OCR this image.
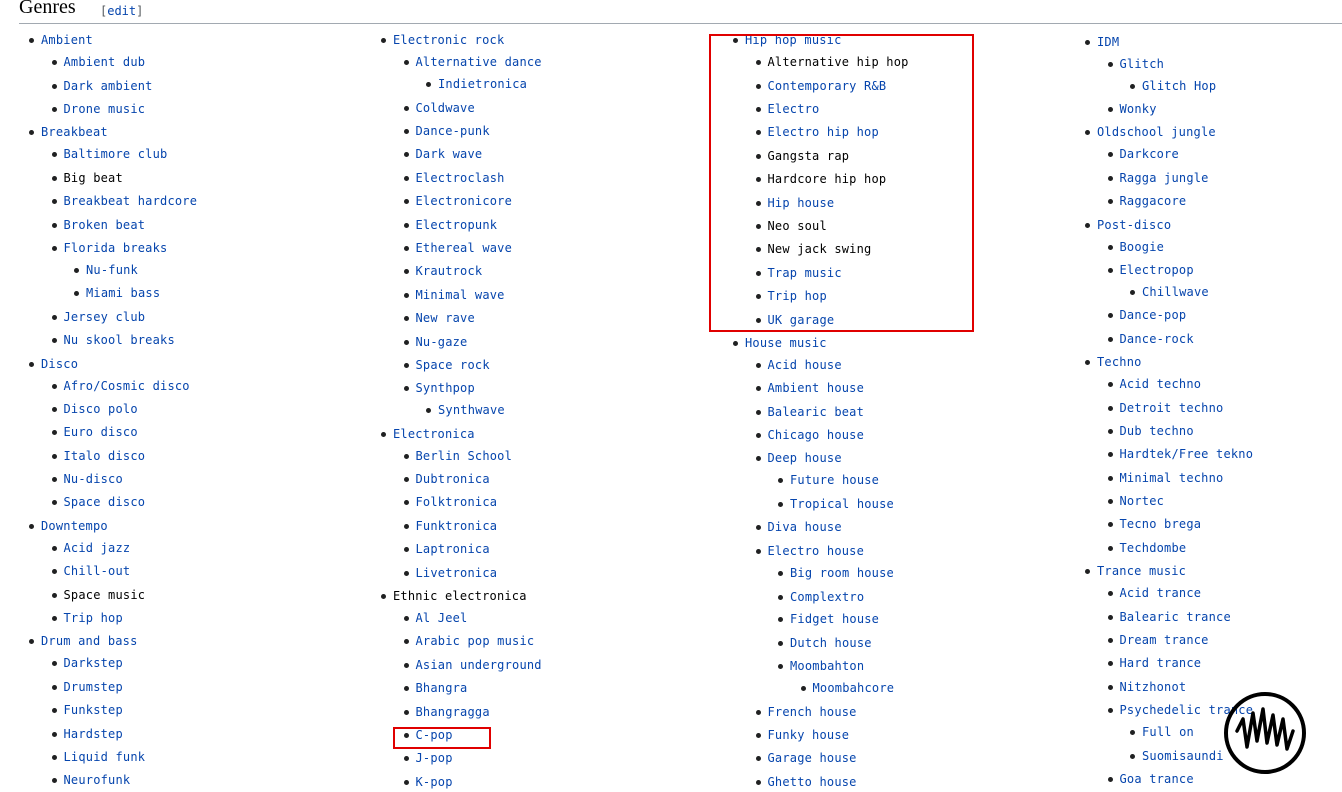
Genres [edit]
Ambient
Ambient dub
Dark ambient
Drone music
Breakbeat
Baltimore club
Big beat
Breakbeat hardcore
Broken beat
Florida breaks
Nu-funk
Miami bass
Jersey club
Nu skool breaks
Disco
Afro/Cosmic disco
Disco polo
Euro disco
Italo disco
Nu-disco
Space disco
Downtempo
Acid jazz
Chill-out
Space music
Trip hop
Drum and bass
Darkstep
Drumstep
Funkstep
Hardstep
Liquid funk
Neurofunk
Electronic rock
Alternative dance
Indietronica
Coldwave
Dance-punk
Dark wave
Electroclash
Electronicore
Electropunk
Ethereal wave
Krautrock
Minimal wave
New rave
Nu-gaze
Space rock
Synthpop
Synthwave
Electronica
Berlin School
Dubtronica
Folktronica
Funktronica
Laptronica
Livetronica
Ethnic electronica
Al Jeel
Arabic pop music
Asian underground
Bhangra
Bhangragga
C-pop
J-pop
K-pop
Hip hop music
Alternative hip hop
Contemporary R&B
Electro
Electro hip hop
Gangsta rap
Hardcore hip hop
Hip house
Neo soul
New jack swing
Trap music
Trip hop
UK garage
House music
Acid house
Ambient house
Balearic beat
Chicago house
Deep house
Future house
Tropical house
Diva house
Electro house
Big room house
Complextro
Fidget house
Dutch house
Moombahton
Moombahcore
French house
Funky house
Garage house
Ghetto house
IDM
Glitch
Glitch Hop
Wonky
Oldschool jungle
Darkcore
Ragga jungle
Raggacore
Post-disco
Boogie
Electropop
Chillwave
Dance-pop
Dance-rock
Techno
Acid techno
Detroit techno
Dub techno
Hardtek/Free tekno
Minimal techno
Nortec
Tecno brega
Techdombe
Trance music
Acid trance
Balearic trance
Dream trance
Hard trance
Nitzhonot
Psychedelic trance
Full on
Suomisaundi
Goa trance
